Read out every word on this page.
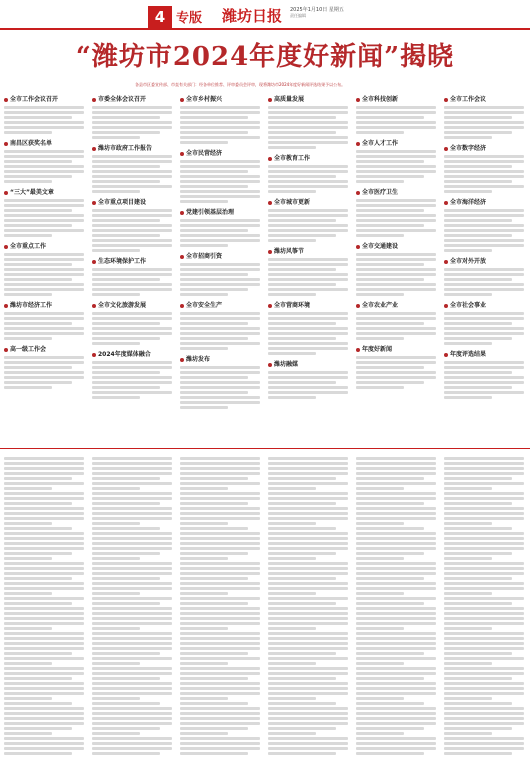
4 专版 潍坊日报 2025年1月10日 星期五
责任编辑
“潍坊市2024年度好新闻”揭晓
各县市区委宣传部、市直有关部门：经各单位推荐、评审委员会评审，现将潍坊市2024年度好新闻评选结果予以公布。
全市工作会议召开
南昌区获奖名单
“三大”最美文章
全市重点工作
潍坊市经济工作
高一级工作会
市委全体会议召开
潍坊市政府工作报告
全市重点项目建设
生态环境保护工作
全市文化旅游发展
2024年度媒体融合
全市乡村振兴
全市民营经济
党建引领基层治理
全市招商引资
全市安全生产
潍坊发布
高质量发展
全市教育工作
全市城市更新
潍坊风筝节
全市营商环境
潍坊融媒
全市科技创新
全市人才工作
全市医疗卫生
全市交通建设
全市农业产业
年度好新闻
全市工作会议
全市数字经济
全市海洋经济
全市对外开放
全市社会事业
年度评选结果
